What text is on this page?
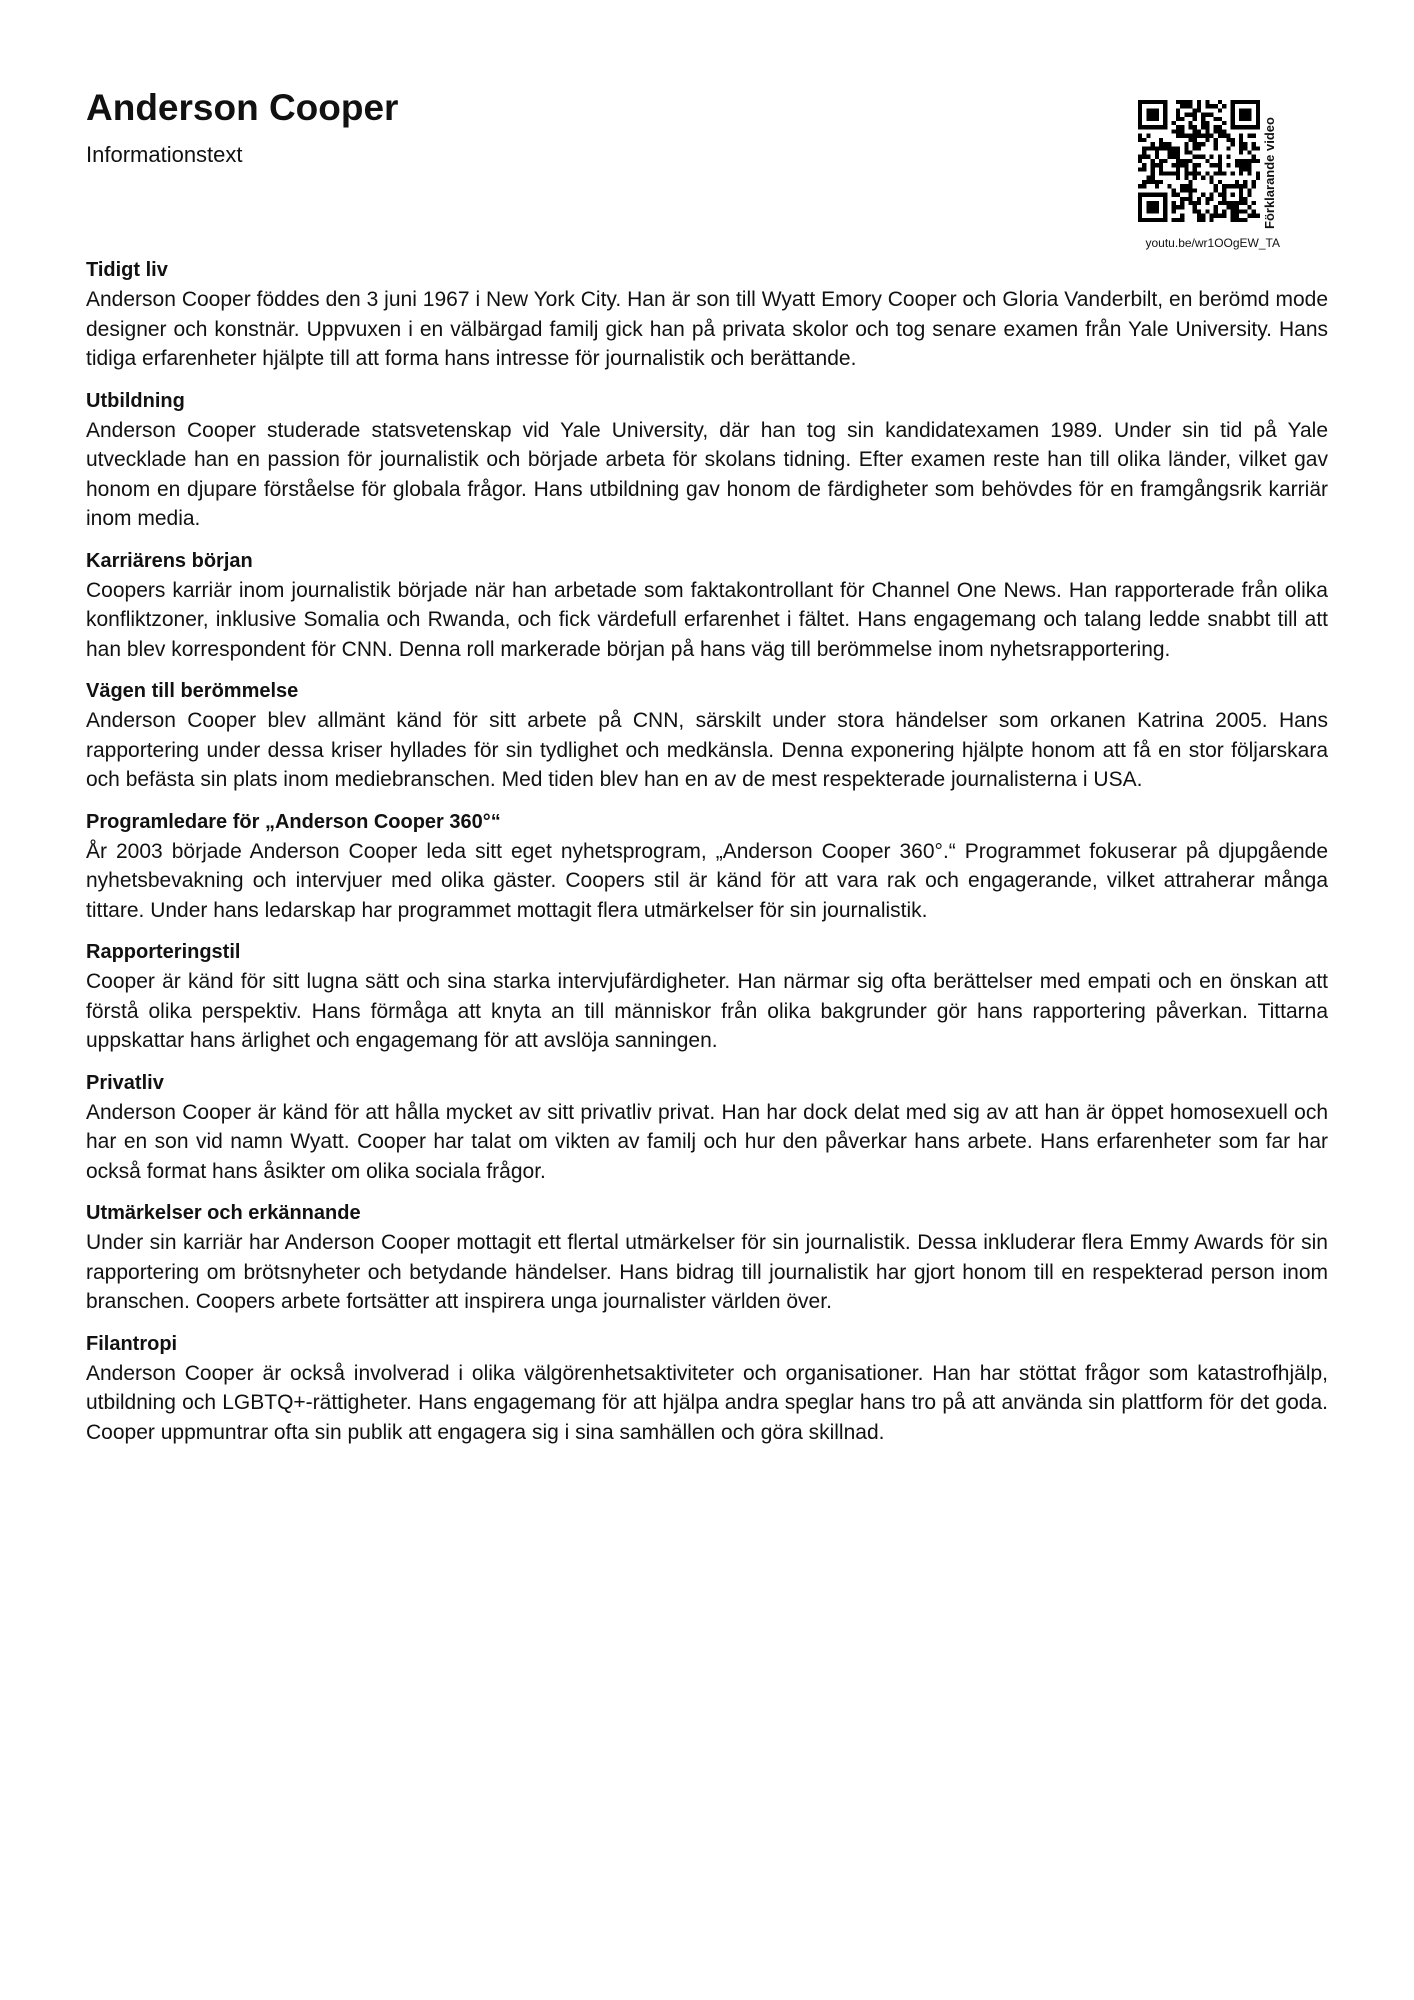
Anderson Cooper
Informationstext	Förklarande video
youtu.be/wr1OOgEW_TA

Tidigt liv

Anderson Cooper föddes den 3 juni 1967 i New York City. Han är son till Wyatt Emory Cooper och Gloria Vanderbilt, en berömd mode designer och konstnär. Uppvuxen i en välbärgad familj gick han på privata skolor och tog senare examen från Yale University. Hans tidiga erfarenheter hjälpte till att forma hans intresse för journalistik och berättande.

Utbildning

Anderson Cooper studerade statsvetenskap vid Yale University, där han tog sin kandidatexamen 1989. Under sin tid på Yale utvecklade han en passion för journalistik och började arbeta för skolans tidning. Efter examen reste han till olika länder, vilket gav honom en djupare förståelse för globala frågor. Hans utbildning gav honom de färdigheter som behövdes för en framgångsrik karriär inom media.

Karriärens början

Coopers karriär inom journalistik började när han arbetade som faktakontrollant för Channel One News. Han rapporterade från olika konfliktzoner, inklusive Somalia och Rwanda, och fick värdefull erfarenhet i fältet. Hans engagemang och talang ledde snabbt till att han blev korrespondent för CNN. Denna roll markerade början på hans väg till berömmelse inom nyhetsrapportering.

Vägen till berömmelse

Anderson Cooper blev allmänt känd för sitt arbete på CNN, särskilt under stora händelser som orkanen Katrina 2005. Hans rapportering under dessa kriser hyllades för sin tydlighet och medkänsla. Denna exponering hjälpte honom att få en stor följarskara och befästa sin plats inom mediebranschen. Med tiden blev han en av de mest respekterade journalisterna i USA.

Programledare för „Anderson Cooper 360°“

År 2003 började Anderson Cooper leda sitt eget nyhetsprogram, „Anderson Cooper 360°.“ Programmet fokuserar på djupgående nyhetsbevakning och intervjuer med olika gäster. Coopers stil är känd för att vara rak och engagerande, vilket attraherar många tittare. Under hans ledarskap har programmet mottagit flera utmärkelser för sin journalistik.

Rapporteringstil

Cooper är känd för sitt lugna sätt och sina starka intervjufärdigheter. Han närmar sig ofta berättelser med empati och en önskan att förstå olika perspektiv. Hans förmåga att knyta an till människor från olika bakgrunder gör hans rapportering påverkan. Tittarna uppskattar hans ärlighet och engagemang för att avslöja sanningen.

Privatliv

Anderson Cooper är känd för att hålla mycket av sitt privatliv privat. Han har dock delat med sig av att han är öppet homosexuell och har en son vid namn Wyatt. Cooper har talat om vikten av familj och hur den påverkar hans arbete. Hans erfarenheter som far har också format hans åsikter om olika sociala frågor.

Utmärkelser och erkännande

Under sin karriär har Anderson Cooper mottagit ett flertal utmärkelser för sin journalistik. Dessa inkluderar flera Emmy Awards för sin rapportering om brötsnyheter och betydande händelser. Hans bidrag till journalistik har gjort honom till en respekterad person inom branschen. Coopers arbete fortsätter att inspirera unga journalister världen över.

Filantropi

Anderson Cooper är också involverad i olika välgörenhetsaktiviteter och organisationer. Han har stöttat frågor som katastrofhjälp, utbildning och LGBTQ+-rättigheter. Hans engagemang för att hjälpa andra speglar hans tro på att använda sin plattform för det goda. Cooper uppmuntrar ofta sin publik att engagera sig i sina samhällen och göra skillnad.
